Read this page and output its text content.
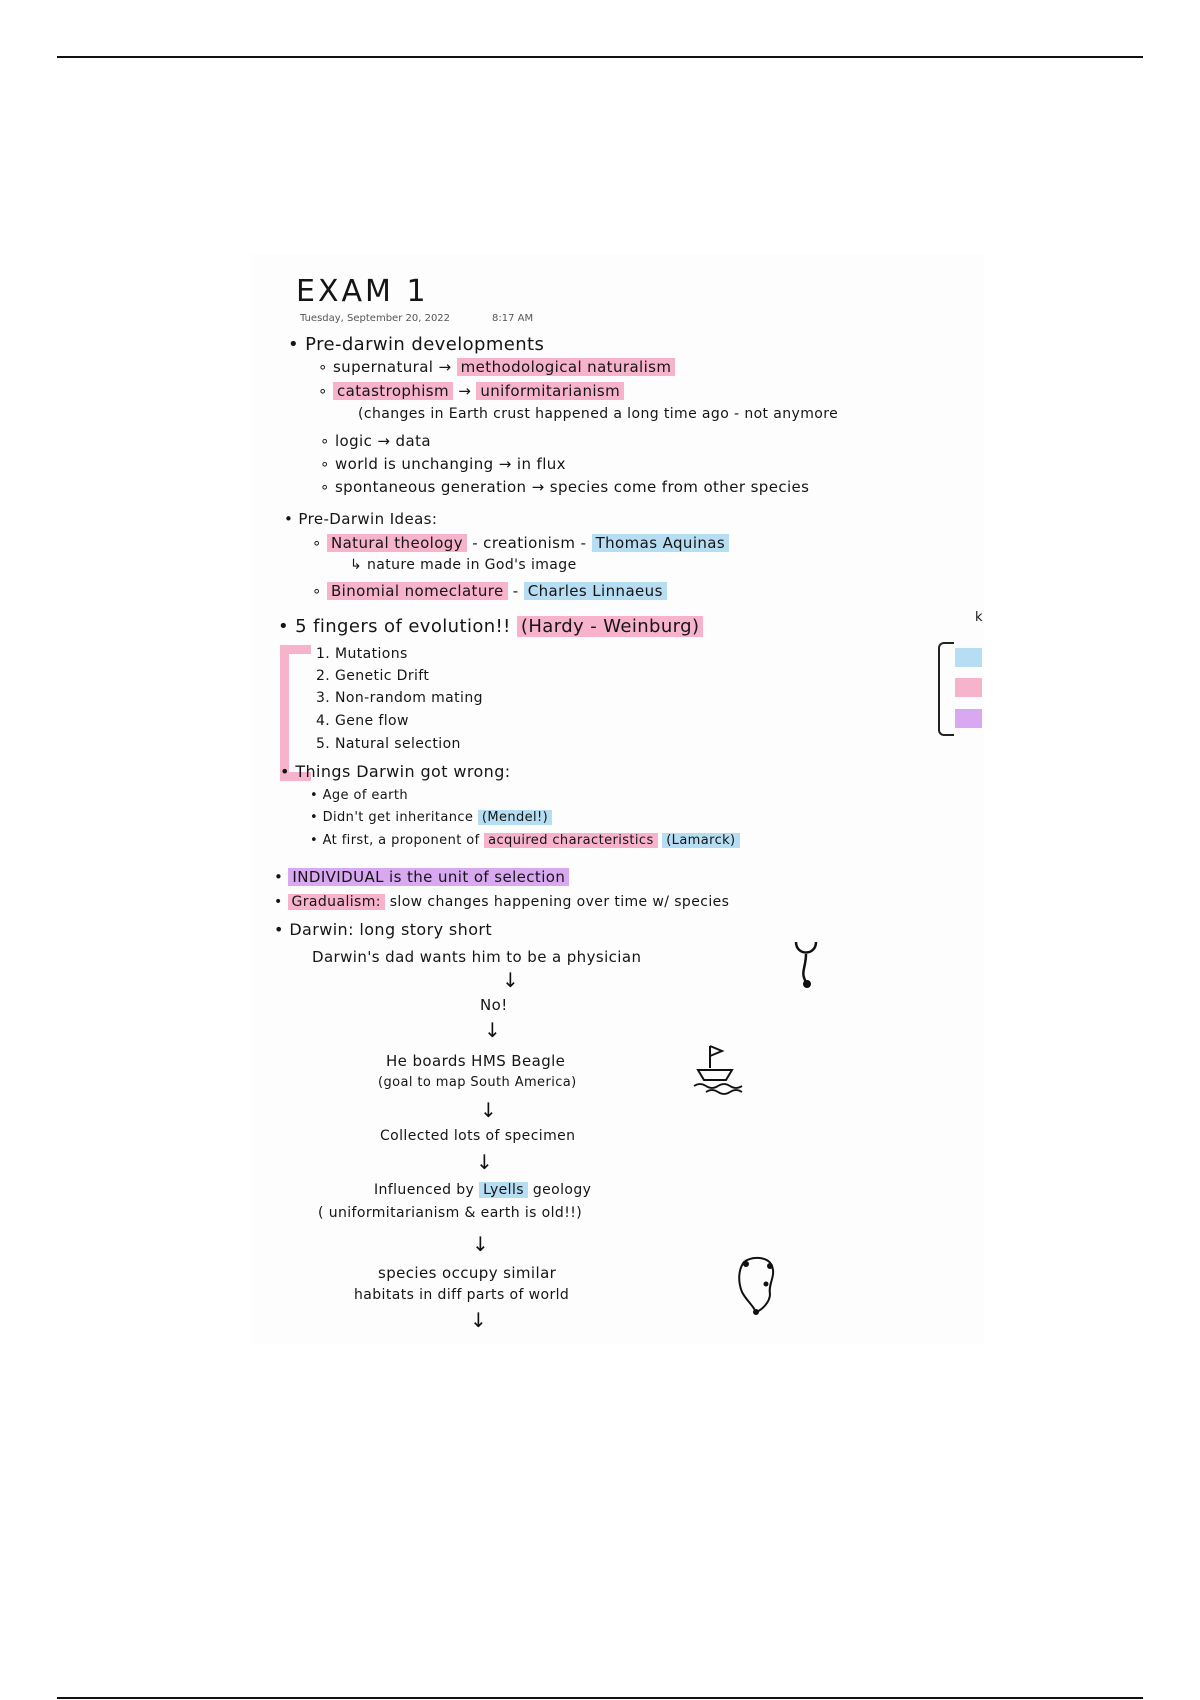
EXAM 1
Tuesday, September 20, 2022	8:17 AM
• Pre-darwin developments
∘ supernatural → methodological naturalism
∘ catastrophism → uniformitarianism
(changes in Earth crust happened a long time ago - not anymore
∘ logic → data
∘ world is unchanging → in flux
∘ spontaneous generation → species come from other species
• Pre-Darwin Ideas:
∘ Natural theology - creationism - Thomas Aquinas
↳ nature made in God's image
∘ Binomial nomeclature - Charles Linnaeus
• 5 fingers of evolution!! (Hardy - Weinburg)	k
1. Mutations
2. Genetic Drift
3. Non-random mating
4. Gene flow
5. Natural selection
• Things Darwin got wrong:
• Age of earth
• Didn't get inheritance (Mendel!)
• At first, a proponent of acquired characteristics (Lamarck)
• INDIVIDUAL is the unit of selection
• Gradualism: slow changes happening over time w/ species
• Darwin: long story short
Darwin's dad wants him to be a physician
↓
No!
↓
He boards HMS Beagle
(goal to map South America)
↓
Collected lots of specimen
↓
Influenced by Lyells geology
( uniformitarianism & earth is old!!)
↓
species occupy similar
habitats in diff parts of world
↓
